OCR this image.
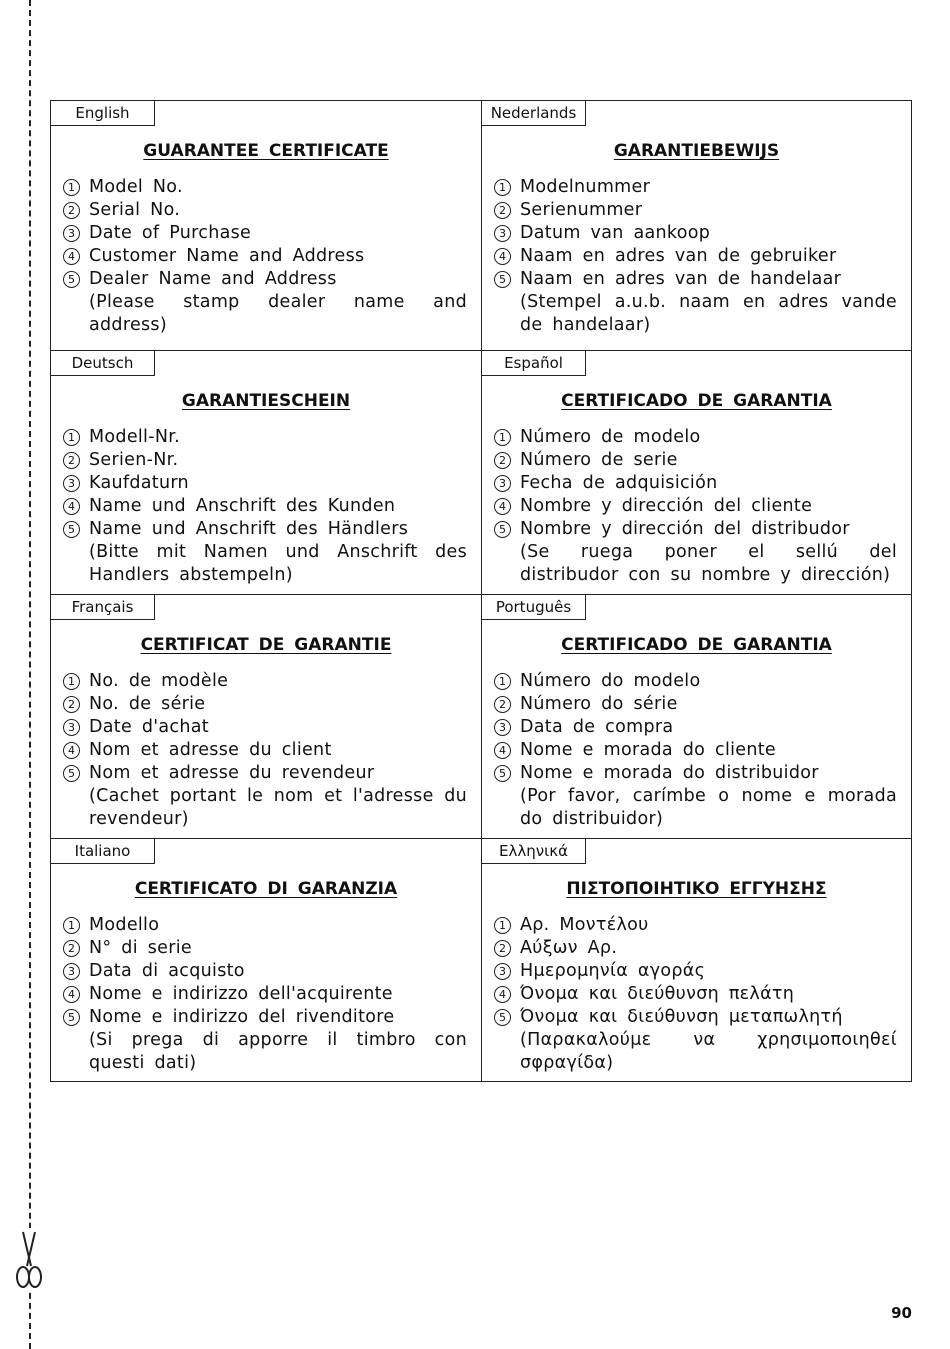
English
GUARANTEE CERTIFICATE
1 Model No.
2 Serial No.
3 Date of Purchase
4 Customer Name and Address
5 Dealer Name and Address
(Please stamp dealer name and address)
Nederlands
GARANTIEBEWIJS
1 Modelnummer
2 Serienummer
3 Datum van aankoop
4 Naam en adres van de gebruiker
5 Naam en adres van de handelaar
(Stempel a.u.b. naam en adres vande de handelaar)
Deutsch
GARANTIESCHEIN
1 Modell-Nr.
2 Serien-Nr.
3 Kaufdaturn
4 Name und Anschrift des Kunden
5 Name und Anschrift des Händlers
(Bitte mit Namen und Anschrift des Handlers abstempeln)
Español
CERTIFICADO DE GARANTIA
1 Número de modelo
2 Número de serie
3 Fecha de adquisición
4 Nombre y dirección del cliente
5 Nombre y dirección del distribudor
(Se ruega poner el sellú del distribudor con su nombre y dirección)
Français
CERTIFICAT DE GARANTIE
1 No. de modèle
2 No. de série
3 Date d'achat
4 Nom et adresse du client
5 Nom et adresse du revendeur
(Cachet portant le nom et l'adresse du revendeur)
Português
CERTIFICADO DE GARANTIA
1 Número do modelo
2 Número do série
3 Data de compra
4 Nome e morada do cliente
5 Nome e morada do distribuidor
(Por favor, carímbe o nome e morada do distribuidor)
Italiano
CERTIFICATO DI GARANZIA
1 Modello
2 N° di serie
3 Data di acquisto
4 Nome e indirizzo dell'acquirente
5 Nome e indirizzo del rivenditore
(Si prega di apporre il timbro con questi dati)
Ελληνικά
ΠΙΣΤΟΠΟΙΗΤΙΚΟ ΕΓΓΥΗΣΗΣ
1 Αρ. Μοντέλου
2 Αύξων Αρ.
3 Ημερομηνία αγοράς
4 Όνομα και διεύθυνση πελάτη
5 Όνομα και διεύθυνση μεταπωλητή
(Παρακαλούμε να χρησιμοποιηθεί σφραγίδα)
90
